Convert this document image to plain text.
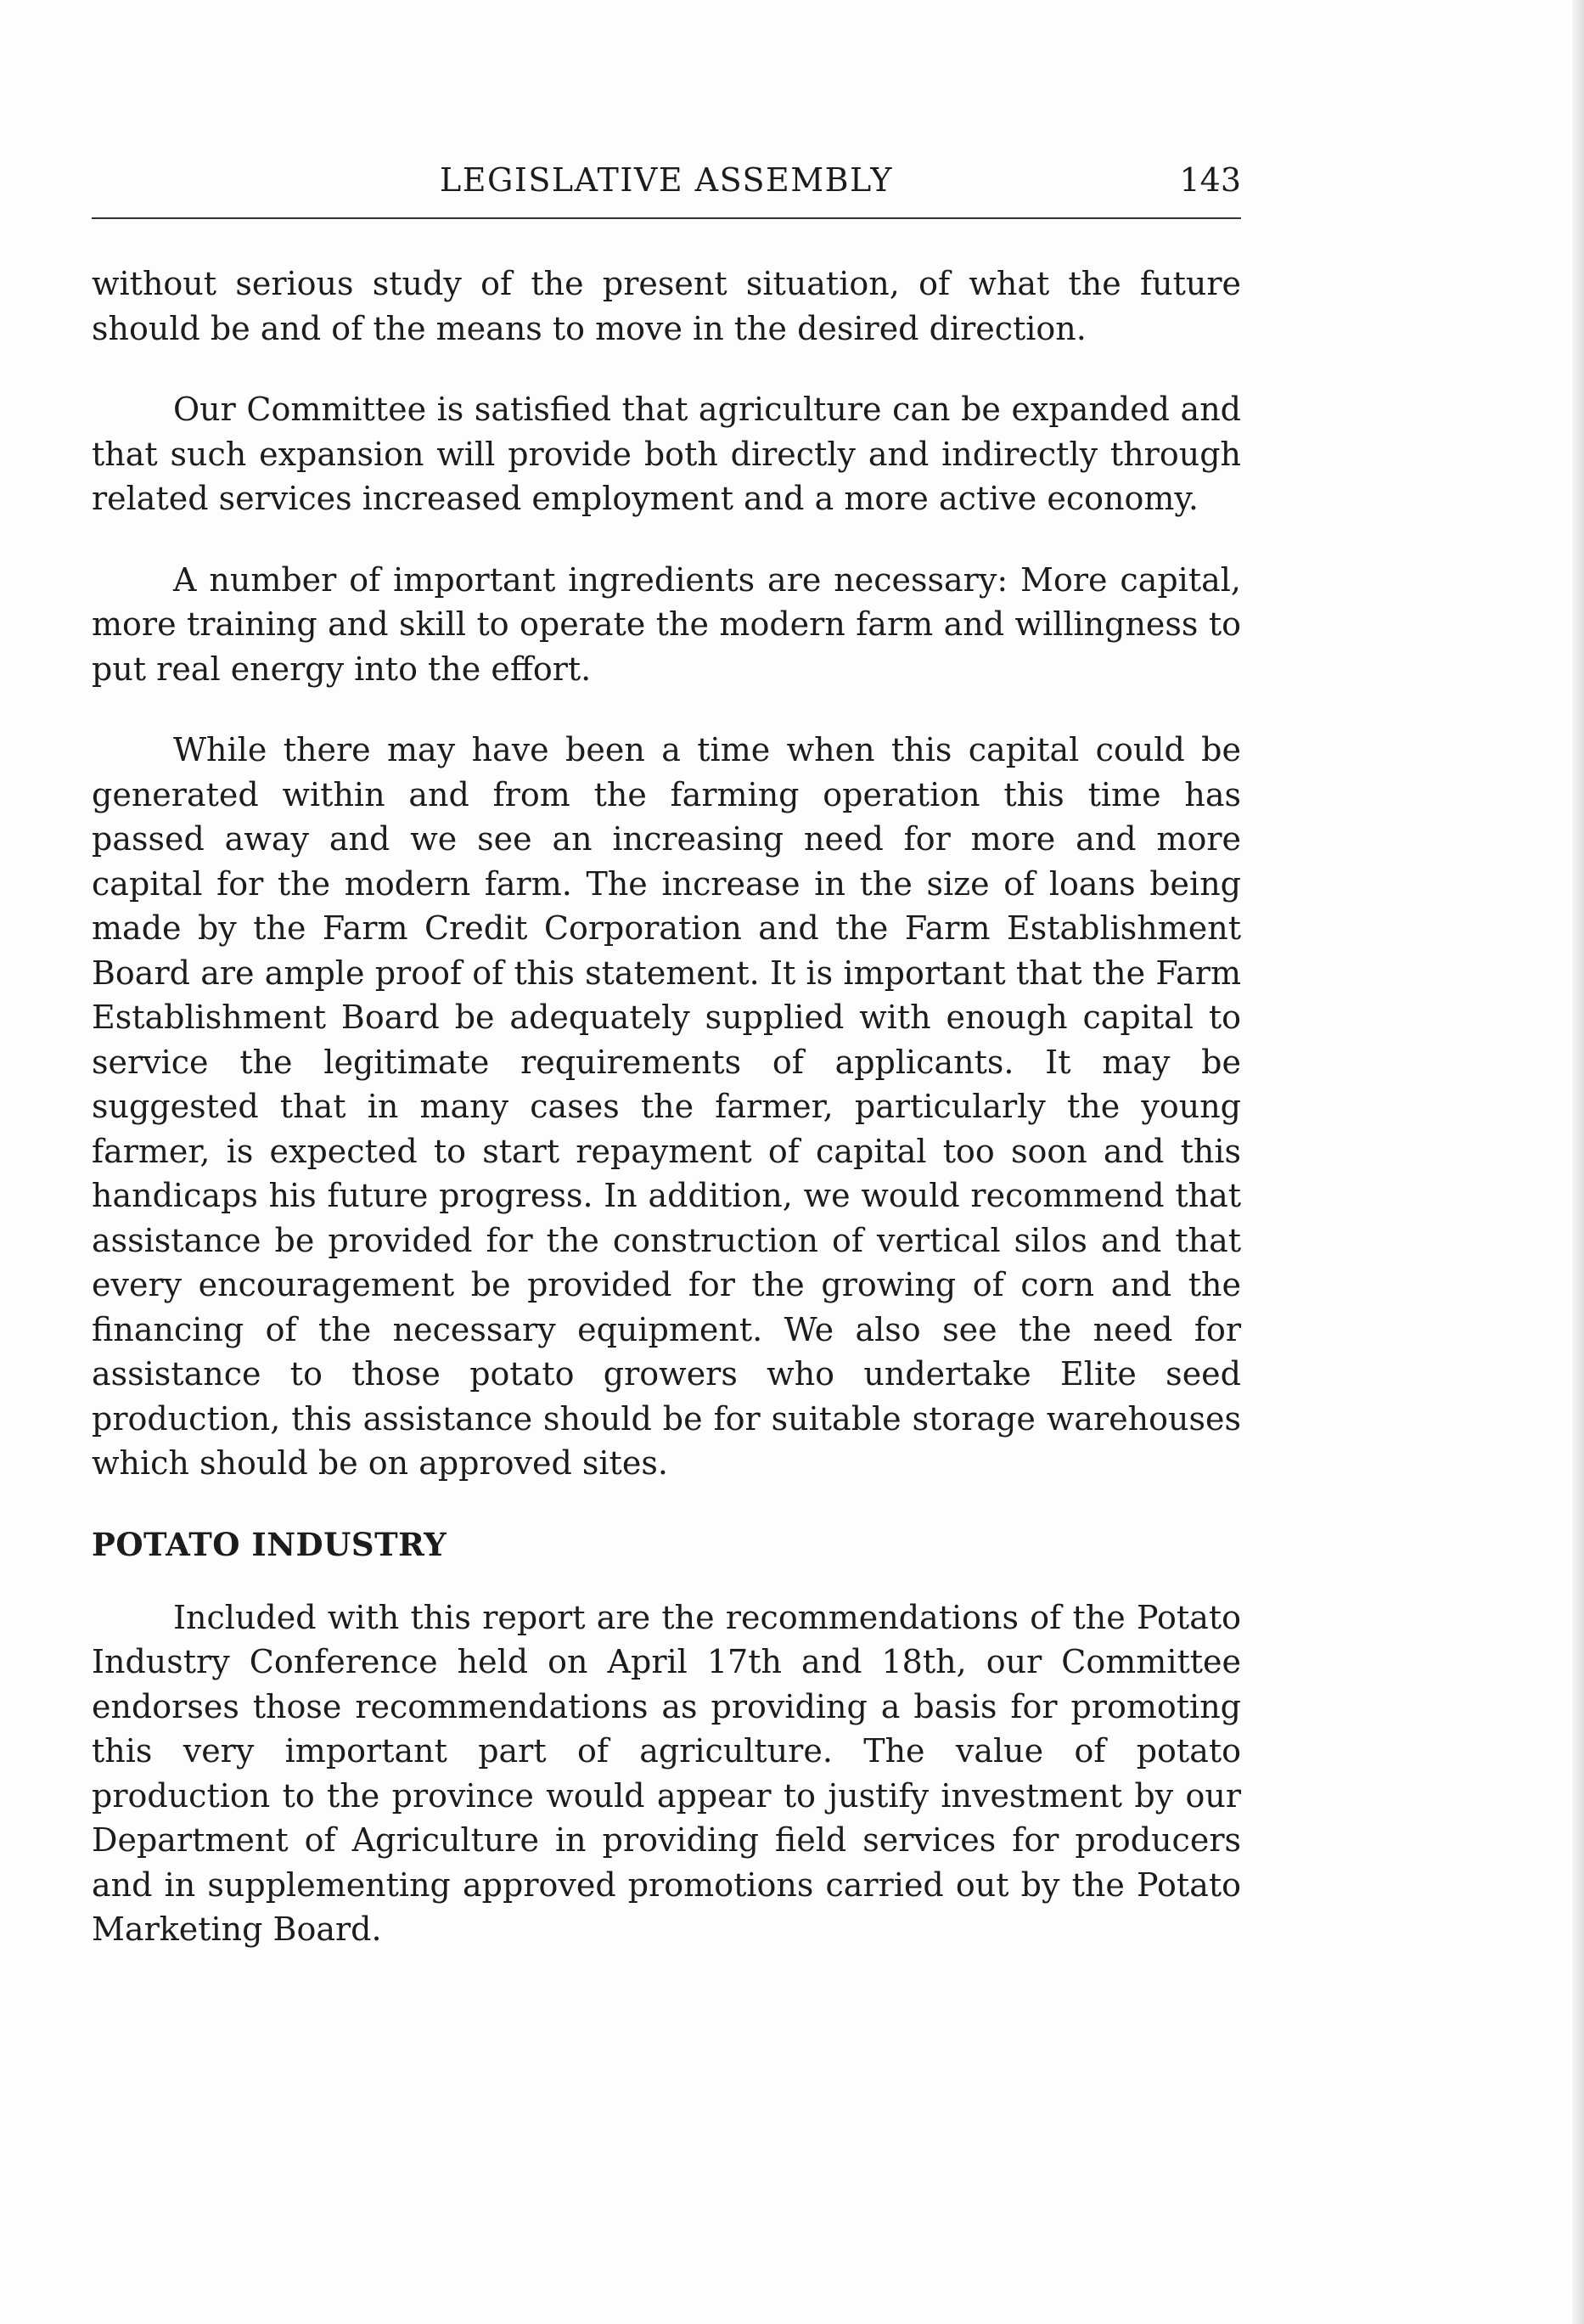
LEGISLATIVE ASSEMBLY	143

without serious study of the present situation, of what the future should be and of the means to move in the desired direction.

Our Committee is satisfied that agriculture can be expanded and that such expansion will provide both directly and indirectly through related services increased employment and a more active economy.

A number of important ingredients are necessary: More capital, more training and skill to operate the modern farm and willingness to put real energy into the effort.

While there may have been a time when this capital could be generated within and from the farming operation this time has passed away and we see an increasing need for more and more capital for the modern farm. The increase in the size of loans being made by the Farm Credit Corporation and the Farm Establishment Board are ample proof of this statement. It is important that the Farm Establishment Board be adequately supplied with enough capital to service the legitimate requirements of applicants. It may be suggested that in many cases the farmer, particularly the young farmer, is expected to start repayment of capital too soon and this handicaps his future progress. In addition, we would recommend that assistance be provided for the construction of vertical silos and that every encouragement be provided for the growing of corn and the financing of the necessary equipment. We also see the need for assistance to those potato growers who undertake Elite seed production, this assistance should be for suitable storage warehouses which should be on approved sites.

POTATO INDUSTRY

Included with this report are the recommendations of the Potato Industry Conference held on April 17th and 18th, our Committee endorses those recommendations as providing a basis for promoting this very important part of agriculture. The value of potato production to the province would appear to justify investment by our Department of Agriculture in providing field services for producers and in supplementing approved promotions carried out by the Potato Marketing Board.
